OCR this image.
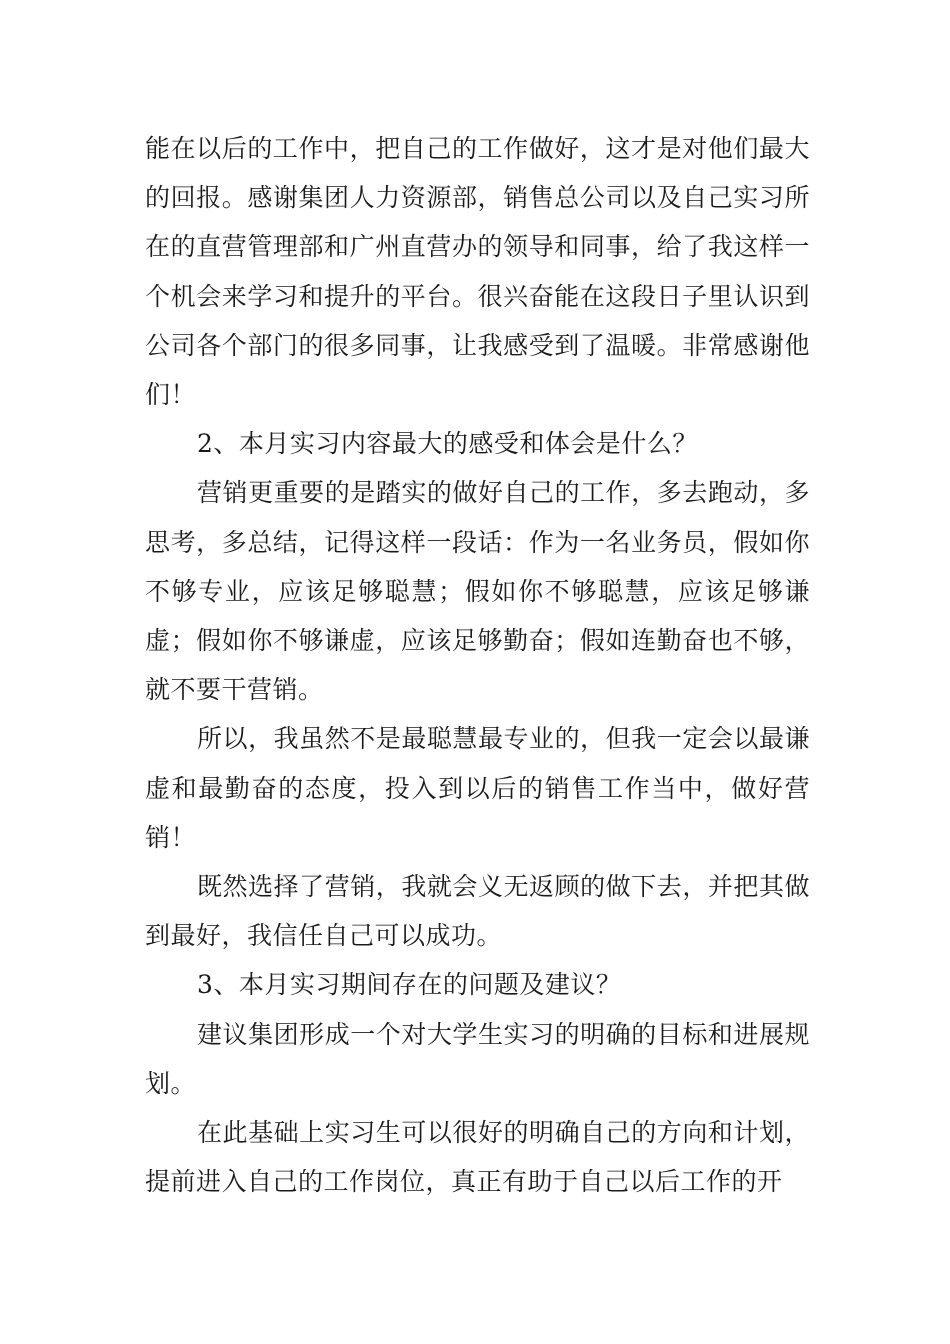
能在以后的工作中，把自己的工作做好，这才是对他们最大的回报。感谢集团人力资源部，销售总公司以及自己实习所在的直营管理部和广州直营办的领导和同事，给了我这样一个机会来学习和提升的平台。很兴奋能在这段日子里认识到公司各个部门的很多同事，让我感受到了温暖。非常感谢他们！

2、本月实习内容最大的感受和体会是什么？

营销更重要的是踏实的做好自己的工作，多去跑动，多思考，多总结，记得这样一段话：作为一名业务员，假如你不够专业，应该足够聪慧；假如你不够聪慧，应该足够谦虚；假如你不够谦虚，应该足够勤奋；假如连勤奋也不够，就不要干营销。

所以，我虽然不是最聪慧最专业的，但我一定会以最谦虚和最勤奋的态度，投入到以后的销售工作当中，做好营销！

既然选择了营销，我就会义无返顾的做下去，并把其做到最好，我信任自己可以成功。

3、本月实习期间存在的问题及建议？

建议集团形成一个对大学生实习的明确的目标和进展规划。

在此基础上实习生可以很好的明确自己的方向和计划，提前进入自己的工作岗位，真正有助于自己以后工作的开
